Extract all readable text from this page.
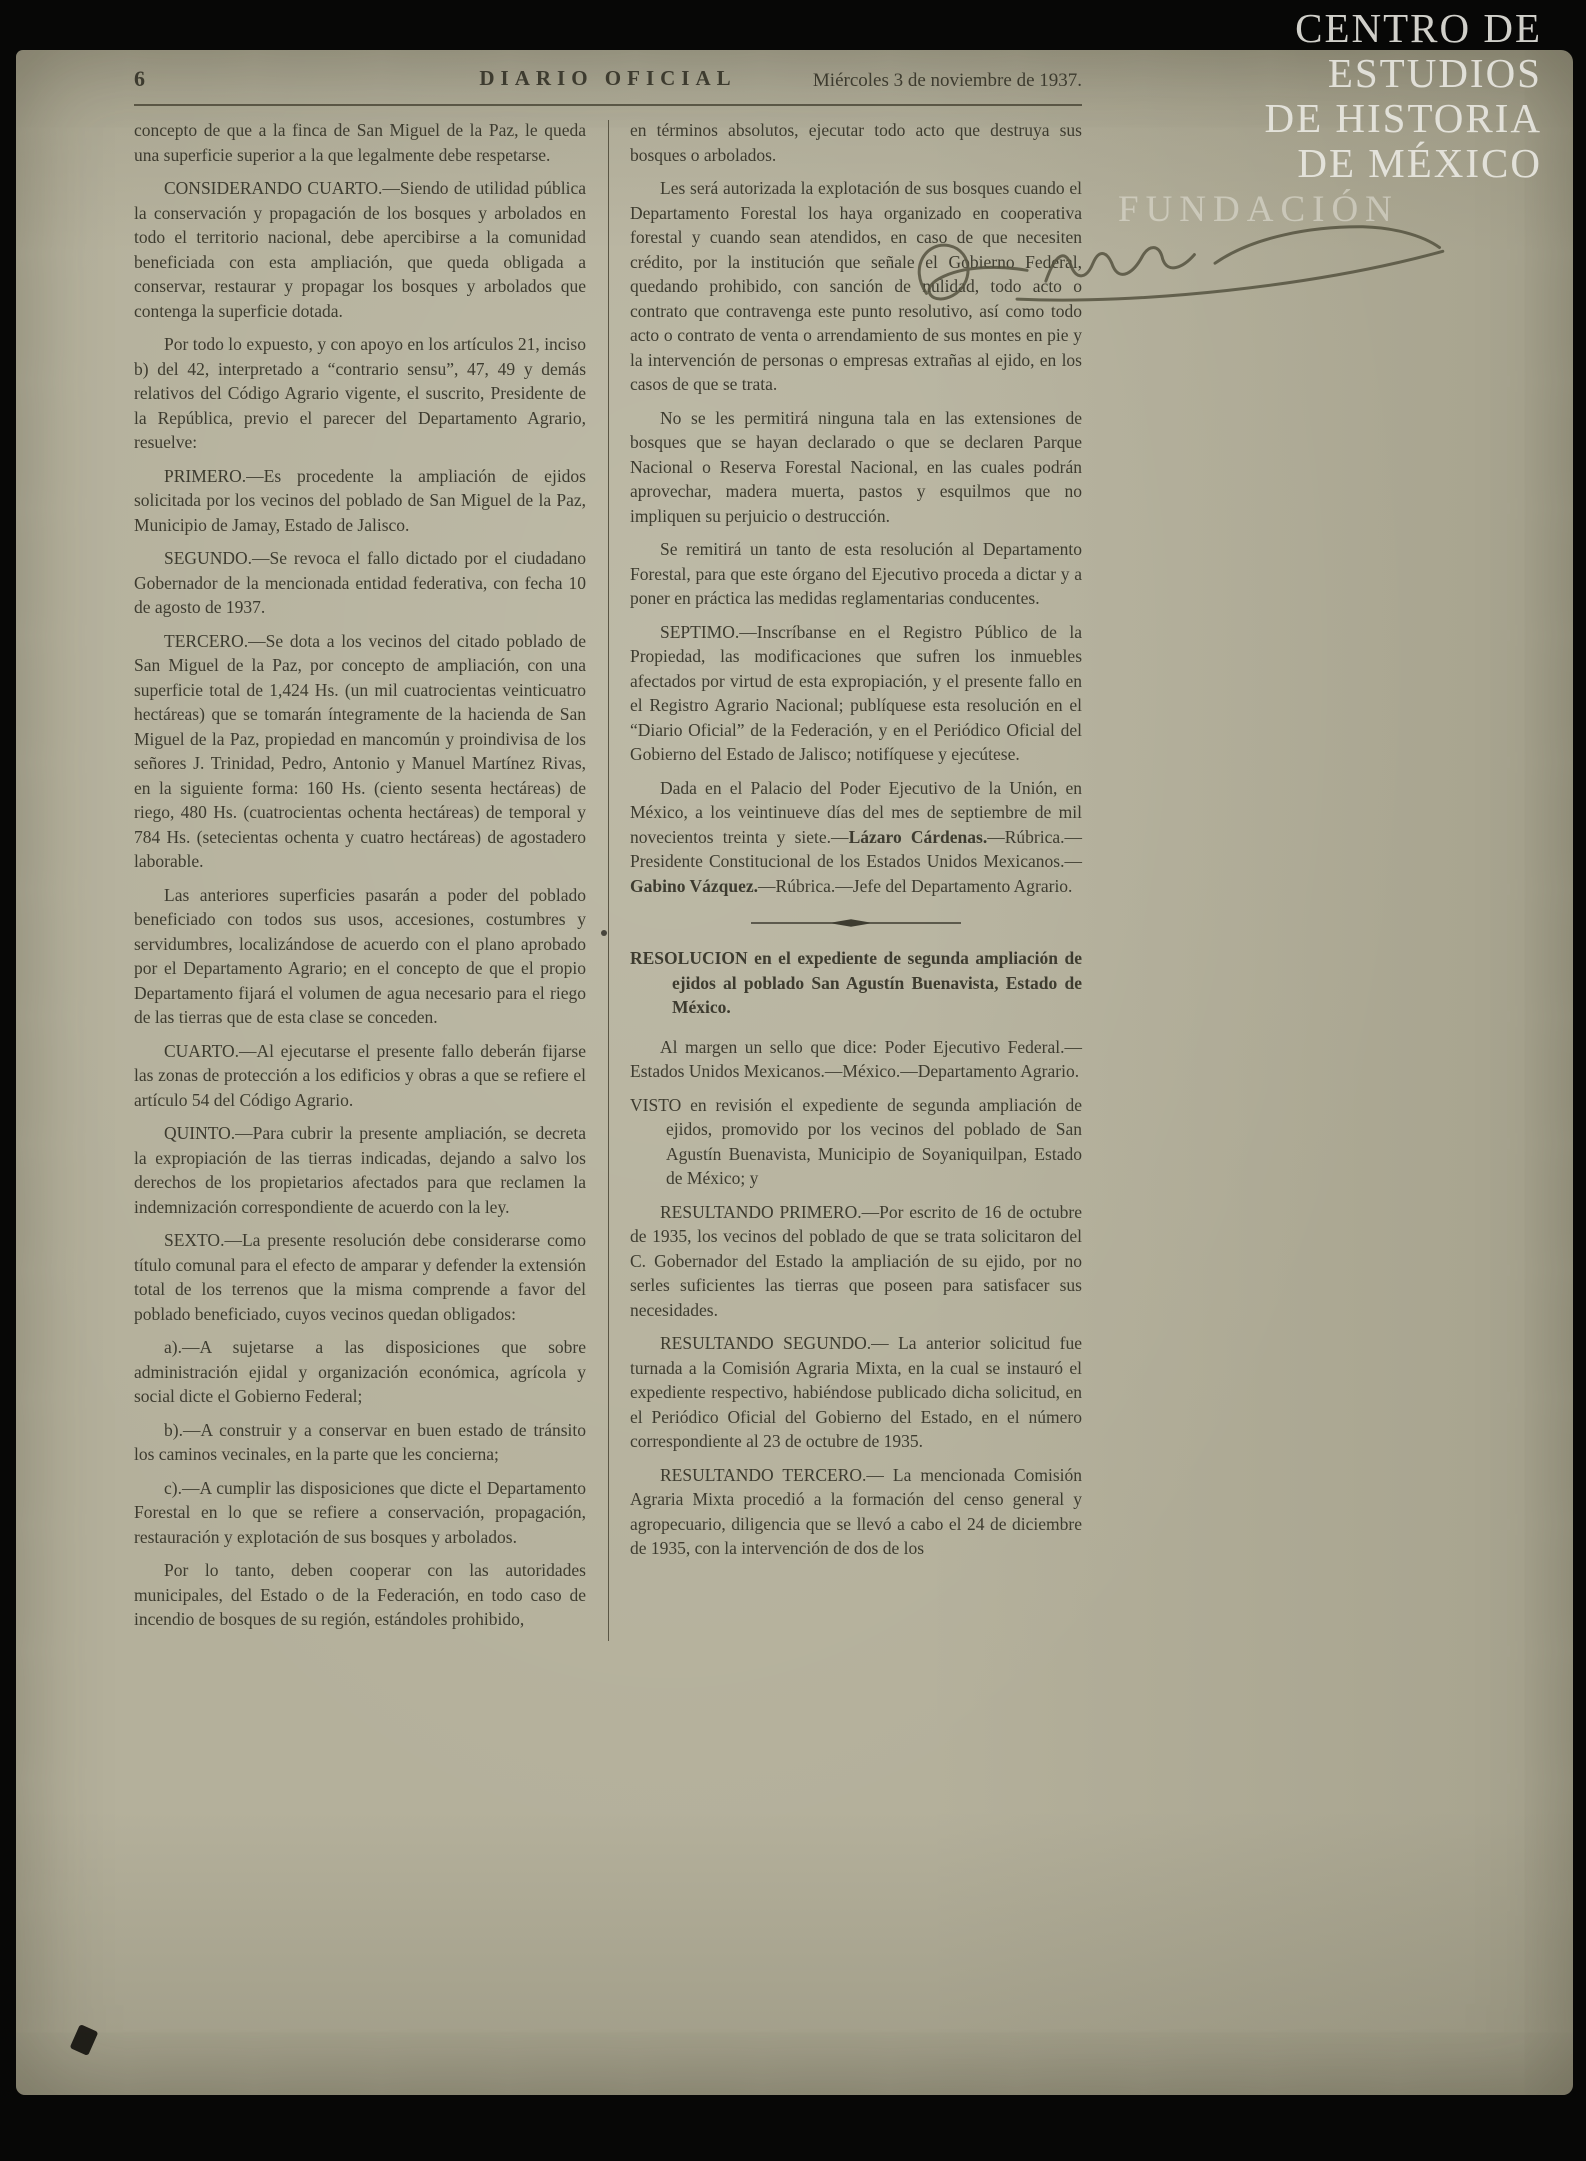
6	DIARIO OFICIAL	Miércoles 3 de noviembre de 1937.

concepto de que a la finca de San Miguel de la Paz, le queda una superficie superior a la que legalmente debe respetarse.

CONSIDERANDO CUARTO.—Siendo de utilidad pública la conservación y propagación de los bosques y arbolados en todo el territorio nacional, debe apercibirse a la comunidad beneficiada con esta ampliación, que queda obligada a conservar, restaurar y propagar los bosques y arbolados que contenga la superficie dotada.

Por todo lo expuesto, y con apoyo en los artículos 21, inciso b) del 42, interpretado a “contrario sensu”, 47, 49 y demás relativos del Código Agrario vigente, el suscrito, Presidente de la República, previo el parecer del Departamento Agrario, resuelve:

PRIMERO.—Es procedente la ampliación de ejidos solicitada por los vecinos del poblado de San Miguel de la Paz, Municipio de Jamay, Estado de Jalisco.

SEGUNDO.—Se revoca el fallo dictado por el ciudadano Gobernador de la mencionada entidad federativa, con fecha 10 de agosto de 1937.

TERCERO.—Se dota a los vecinos del citado poblado de San Miguel de la Paz, por concepto de ampliación, con una superficie total de 1,424 Hs. (un mil cuatrocientas veinticuatro hectáreas) que se tomarán íntegramente de la hacienda de San Miguel de la Paz, propiedad en mancomún y proindivisa de los señores J. Trinidad, Pedro, Antonio y Manuel Martínez Rivas, en la siguiente forma: 160 Hs. (ciento sesenta hectáreas) de riego, 480 Hs. (cuatrocientas ochenta hectáreas) de temporal y 784 Hs. (setecientas ochenta y cuatro hectáreas) de agostadero laborable.

Las anteriores superficies pasarán a poder del poblado beneficiado con todos sus usos, accesiones, costumbres y servidumbres, localizándose de acuerdo con el plano aprobado por el Departamento Agrario; en el concepto de que el propio Departamento fijará el volumen de agua necesario para el riego de las tierras que de esta clase se conceden.

CUARTO.—Al ejecutarse el presente fallo deberán fijarse las zonas de protección a los edificios y obras a que se refiere el artículo 54 del Código Agrario.

QUINTO.—Para cubrir la presente ampliación, se decreta la expropiación de las tierras indicadas, dejando a salvo los derechos de los propietarios afectados para que reclamen la indemnización correspondiente de acuerdo con la ley.

SEXTO.—La presente resolución debe considerarse como título comunal para el efecto de amparar y defender la extensión total de los terrenos que la misma comprende a favor del poblado beneficiado, cuyos vecinos quedan obligados:

a).—A sujetarse a las disposiciones que sobre administración ejidal y organización económica, agrícola y social dicte el Gobierno Federal;

b).—A construir y a conservar en buen estado de tránsito los caminos vecinales, en la parte que les concierna;

c).—A cumplir las disposiciones que dicte el Departamento Forestal en lo que se refiere a conservación, propagación, restauración y explotación de sus bosques y arbolados.

Por lo tanto, deben cooperar con las autoridades municipales, del Estado o de la Federación, en todo caso de incendio de bosques de su región, estándoles prohibido,

en términos absolutos, ejecutar todo acto que destruya sus bosques o arbolados.

Les será autorizada la explotación de sus bosques cuando el Departamento Forestal los haya organizado en cooperativa forestal y cuando sean atendidos, en caso de que necesiten crédito, por la institución que señale el Gobierno Federal, quedando prohibido, con sanción de nulidad, todo acto o contrato que contravenga este punto resolutivo, así como todo acto o contrato de venta o arrendamiento de sus montes en pie y la intervención de personas o empresas extrañas al ejido, en los casos de que se trata.

No se les permitirá ninguna tala en las extensiones de bosques que se hayan declarado o que se declaren Parque Nacional o Reserva Forestal Nacional, en las cuales podrán aprovechar, madera muerta, pastos y esquilmos que no impliquen su perjuicio o destrucción.

Se remitirá un tanto de esta resolución al Departamento Forestal, para que este órgano del Ejecutivo proceda a dictar y a poner en práctica las medidas reglamentarias conducentes.

SEPTIMO.—Inscríbanse en el Registro Público de la Propiedad, las modificaciones que sufren los inmuebles afectados por virtud de esta expropiación, y el presente fallo en el Registro Agrario Nacional; publíquese esta resolución en el “Diario Oficial” de la Federación, y en el Periódico Oficial del Gobierno del Estado de Jalisco; notifíquese y ejecútese.

Dada en el Palacio del Poder Ejecutivo de la Unión, en México, a los veintinueve días del mes de septiembre de mil novecientos treinta y siete.—Lázaro Cárdenas.—Rúbrica.—Presidente Constitucional de los Estados Unidos Mexicanos.—Gabino Vázquez.—Rúbrica.—Jefe del Departamento Agrario.

RESOLUCION en el expediente de segunda ampliación de ejidos al poblado San Agustín Buenavista, Estado de México.

Al margen un sello que dice: Poder Ejecutivo Federal.—Estados Unidos Mexicanos.—México.—Departamento Agrario.

VISTO en revisión el expediente de segunda ampliación de ejidos, promovido por los vecinos del poblado de San Agustín Buenavista, Municipio de Soyaniquilpan, Estado de México; y

RESULTANDO PRIMERO.—Por escrito de 16 de octubre de 1935, los vecinos del poblado de que se trata solicitaron del C. Gobernador del Estado la ampliación de su ejido, por no serles suficientes las tierras que poseen para satisfacer sus necesidades.

RESULTANDO SEGUNDO.— La anterior solicitud fue turnada a la Comisión Agraria Mixta, en la cual se instauró el expediente respectivo, habiéndose publicado dicha solicitud, en el Periódico Oficial del Gobierno del Estado, en el número correspondiente al 23 de octubre de 1935.

RESULTANDO TERCERO.— La mencionada Comisión Agraria Mixta procedió a la formación del censo general y agropecuario, diligencia que se llevó a cabo el 24 de diciembre de 1935, con la intervención de dos de los

CENTRO DE
ESTUDIOS
DE HISTORIA
DE MÉXICO
FUNDACIÓN
